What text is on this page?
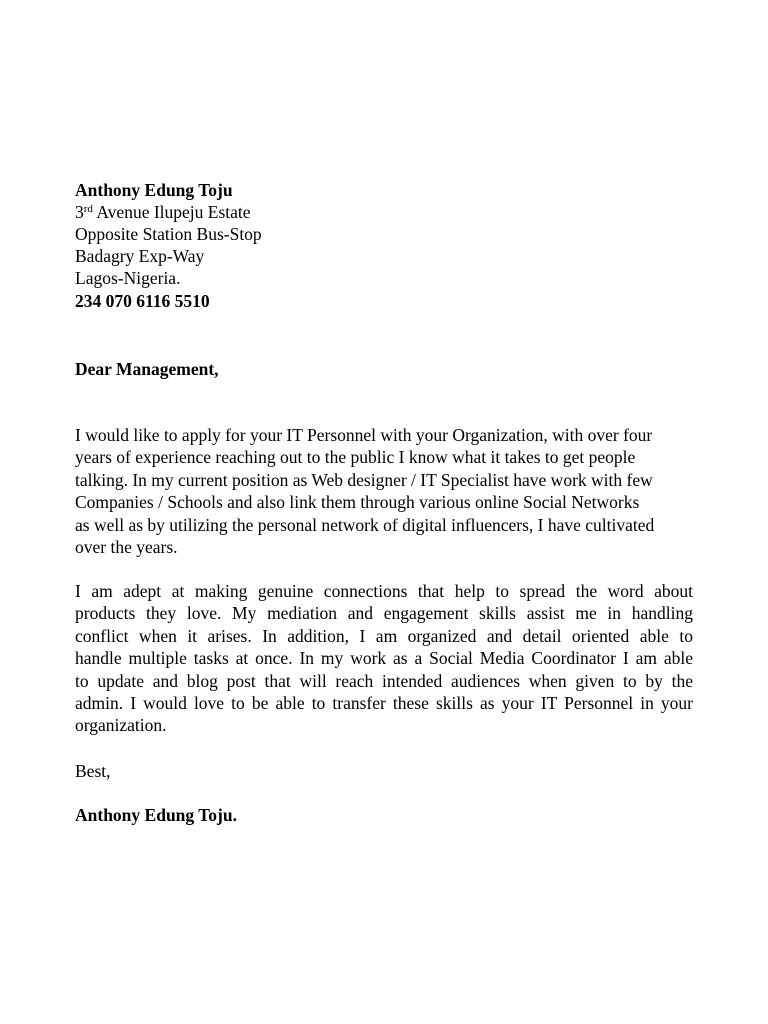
Anthony Edung Toju
3rd Avenue Ilupeju Estate
Opposite Station Bus-Stop
Badagry Exp-Way
Lagos-Nigeria.
234 070 6116 5510
Dear Management,
I would like to apply for your IT Personnel with your Organization, with over four
years of experience reaching out to the public I know what it takes to get people
talking. In my current position as Web designer / IT Specialist have work with few
Companies / Schools and also link them through various online Social Networks
as well as by utilizing the personal network of digital influencers, I have cultivated
over the years.
I am adept at making genuine connections that help to spread the word about
products they love. My mediation and engagement skills assist me in handling
conflict when it arises. In addition, I am organized and detail oriented able to
handle multiple tasks at once. In my work as a Social Media Coordinator I am able
to update and blog post that will reach intended audiences when given to by the
admin. I would love to be able to transfer these skills as your IT Personnel in your
organization.
Best,
Anthony Edung Toju.
